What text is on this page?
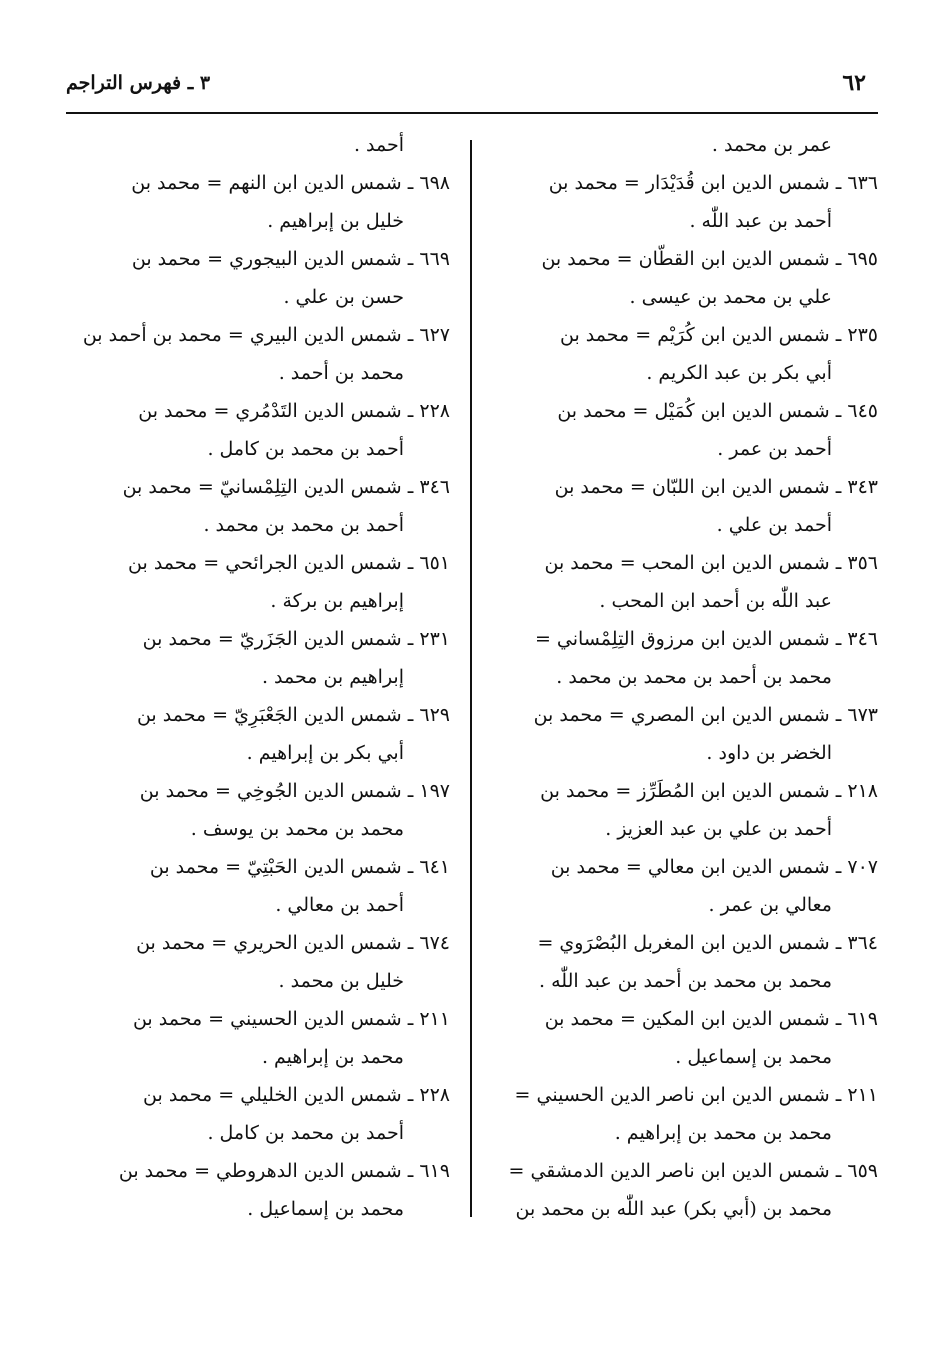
٦٢
٣ ـ فهرس التراجم
عمر بن محمد .
٦٣٦ ـ شمس الدين ابن قُدَيْدَار = محمد بن
أحمد بن عبد اللّٰه .
٦٩٥ ـ شمس الدين ابن القطّان = محمد بن
علي بن محمد بن عيسى .
٢٣٥ ـ شمس الدين ابن كُرَيْم = محمد بن
أبي بكر بن عبد الكريم .
٦٤٥ ـ شمس الدين ابن كُمَيْل = محمد بن
أحمد بن عمر .
٣٤٣ ـ شمس الدين ابن اللبّان = محمد بن
أحمد بن علي .
٣٥٦ ـ شمس الدين ابن المحب = محمد بن
عبد اللّٰه بن أحمد ابن المحب .
٣٤٦ ـ شمس الدين ابن مرزوق التِلِمْساني =
محمد بن أحمد بن محمد بن محمد .
٦٧٣ ـ شمس الدين ابن المصري = محمد بن
الخضر بن داود .
٢١٨ ـ شمس الدين ابن المُطَرِّز = محمد بن
أحمد بن علي بن عبد العزيز .
٧٠٧ ـ شمس الدين ابن معالي = محمد بن
معالي بن عمر .
٣٦٤ ـ شمس الدين ابن المغربل البُصْرَوي =
محمد بن محمد بن أحمد بن عبد اللّٰه .
٦١٩ ـ شمس الدين ابن المكين = محمد بن
محمد بن إسماعيل .
٢١١ ـ شمس الدين ابن ناصر الدين الحسيني =
محمد بن محمد بن إبراهيم .
٦٥٩ ـ شمس الدين ابن ناصر الدين الدمشقي =
محمد بن (أبي بكر) عبد اللّٰه بن محمد بن
أحمد .
٦٩٨ ـ شمس الدين ابن النهم = محمد بن
خليل بن إبراهيم .
٦٦٩ ـ شمس الدين البيجوري = محمد بن
حسن بن علي .
٦٢٧ ـ شمس الدين البيري = محمد بن أحمد بن
محمد بن أحمد .
٢٢٨ ـ شمس الدين التَدْمُري = محمد بن
أحمد بن محمد بن كامل .
٣٤٦ ـ شمس الدين التِلِمْسانيّ = محمد بن
أحمد بن محمد بن محمد .
٦٥١ ـ شمس الدين الجرائحي = محمد بن
إبراهيم بن بركة .
٢٣١ ـ شمس الدين الجَزَريّ = محمد بن
إبراهيم بن محمد .
٦٢٩ ـ شمس الدين الجَعْبَرِيّ = محمد بن
أبي بكر بن إبراهيم .
١٩٧ ـ شمس الدين الجُوخِي = محمد بن
محمد بن محمد بن يوسف .
٦٤١ ـ شمس الدين الحَبْتِيّ = محمد بن
أحمد بن معالي .
٦٧٤ ـ شمس الدين الحريري = محمد بن
خليل بن محمد .
٢١١ ـ شمس الدين الحسيني = محمد بن
محمد بن إبراهيم .
٢٢٨ ـ شمس الدين الخليلي = محمد بن
أحمد بن محمد بن كامل .
٦١٩ ـ شمس الدين الدهروطي = محمد بن
محمد بن إسماعيل .
